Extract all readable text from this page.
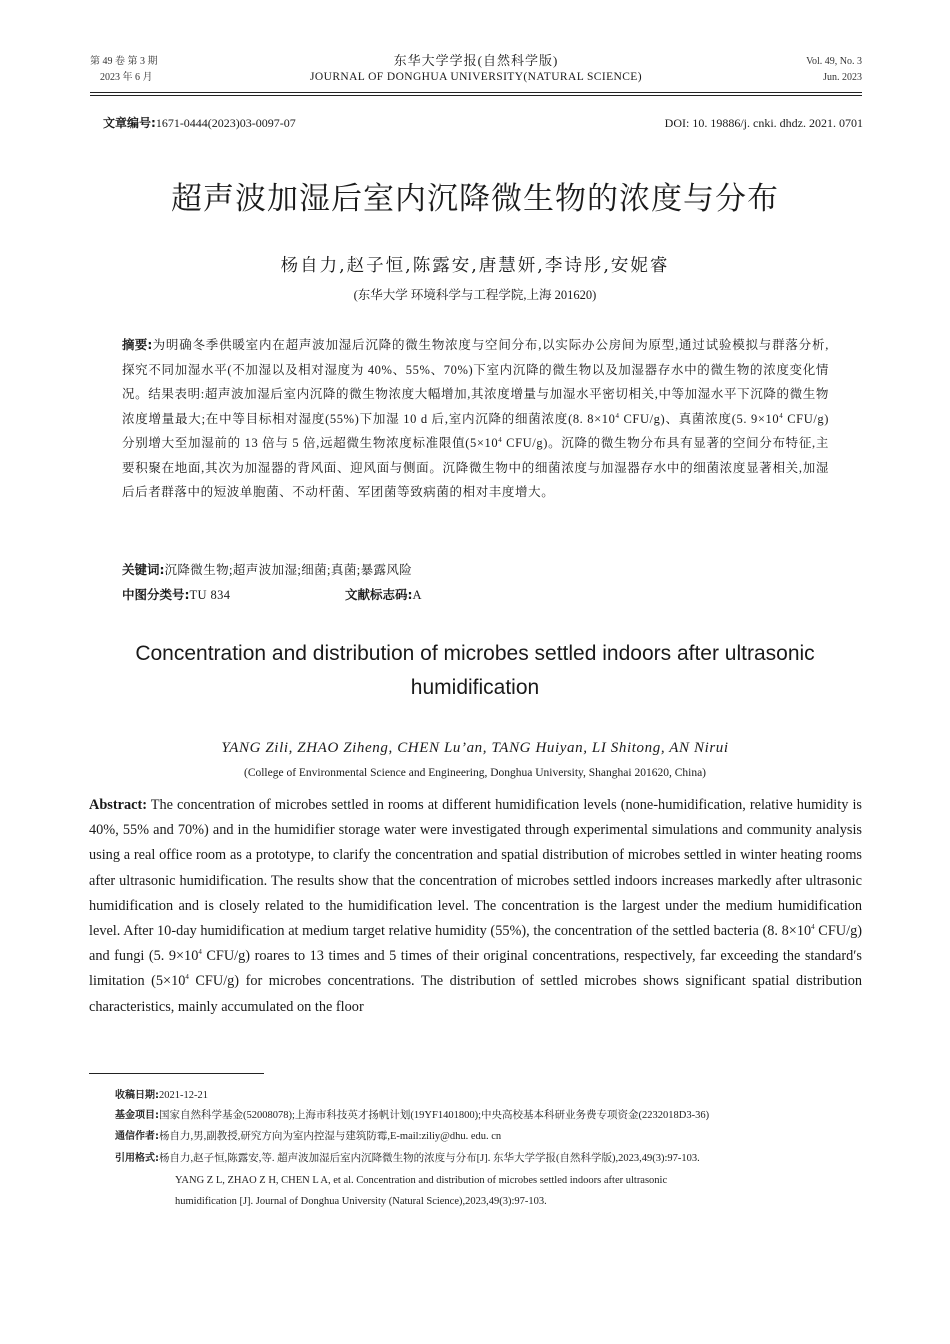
第 49 卷 第 3 期
2023 年 6 月
东华大学学报(自然科学版)
JOURNAL OF DONGHUA UNIVERSITY(NATURAL SCIENCE)
Vol. 49, No. 3
Jun. 2023
文章编号:1671-0444(2023)03-0097-07	DOI: 10. 19886/j. cnki. dhdz. 2021. 0701
超声波加湿后室内沉降微生物的浓度与分布
杨自力,赵子恒,陈露安,唐慧妍,李诗彤,安妮睿
(东华大学 环境科学与工程学院,上海 201620)
摘要:为明确冬季供暖室内在超声波加湿后沉降的微生物浓度与空间分布,以实际办公房间为原型,通过试验模拟与群落分析,探究不同加湿水平(不加湿以及相对湿度为 40%、55%、70%)下室内沉降的微生物以及加湿器存水中的微生物的浓度变化情况。结果表明:超声波加湿后室内沉降的微生物浓度大幅增加,其浓度增量与加湿水平密切相关,中等加湿水平下沉降的微生物浓度增量最大;在中等目标相对湿度(55%)下加湿 10 d 后,室内沉降的细菌浓度(8. $8\times 10^4$ CFU/g)、真菌浓度(5. $9\times 10^4$ CFU/g)分别增大至加湿前的 13 倍与 5 倍,远超微生物浓度标准限值($5\times 10^4$ CFU/g)。沉降的微生物分布具有显著的空间分布特征,主要积聚在地面,其次为加湿器的背风面、迎风面与侧面。沉降微生物中的细菌浓度与加湿器存水中的细菌浓度显著相关,加湿后后者群落中的短波单胞菌、不动杆菌、军团菌等致病菌的相对丰度增大。
关键词:沉降微生物;超声波加湿;细菌;真菌;暴露风险
中图分类号:TU 834	文献标志码:A
Concentration and distribution of microbes settled indoors after ultrasonic humidification
YANG Zili, ZHAO Ziheng, CHEN Lu’an, TANG Huiyan, LI Shitong, AN Nirui
(College of Environmental Science and Engineering, Donghua University, Shanghai 201620, China)
Abstract: The concentration of microbes settled in rooms at different humidification levels (none-humidification, relative humidity is 40%, 55% and 70%) and in the humidifier storage water were investigated through experimental simulations and community analysis using a real office room as a prototype, to clarify the concentration and spatial distribution of microbes settled in winter heating rooms after ultrasonic humidification. The results show that the concentration of microbes settled indoors increases markedly after ultrasonic humidification and is closely related to the humidification level. The concentration is the largest under the medium humidification level. After 10-day humidification at medium target relative humidity (55%), the concentration of the settled bacteria (8. $8\times 10^4$ CFU/g) and fungi (5. $9\times 10^4$ CFU/g) roares to 13 times and 5 times of their original concentrations, respectively, far exceeding the standard′s limitation ($5\times 10^4$ CFU/g) for microbes concentrations. The distribution of settled microbes shows significant spatial distribution characteristics, mainly accumulated on the floor
收稿日期:2021-12-21
基金项目:国家自然科学基金(52008078);上海市科技英才扬帆计划(19YF1401800);中央高校基本科研业务费专项资金(2232018D3-36)
通信作者:杨自力,男,副教授,研究方向为室内控湿与建筑防霉,E-mail:ziliy@dhu. edu. cn
引用格式:杨自力,赵子恒,陈露安,等. 超声波加湿后室内沉降微生物的浓度与分布[J]. 东华大学学报(自然科学版),2023,49(3):97-103.
YANG Z L, ZHAO Z H, CHEN L A, et al. Concentration and distribution of microbes settled indoors after ultrasonic
humidification [J]. Journal of Donghua University (Natural Science),2023,49(3):97-103.
